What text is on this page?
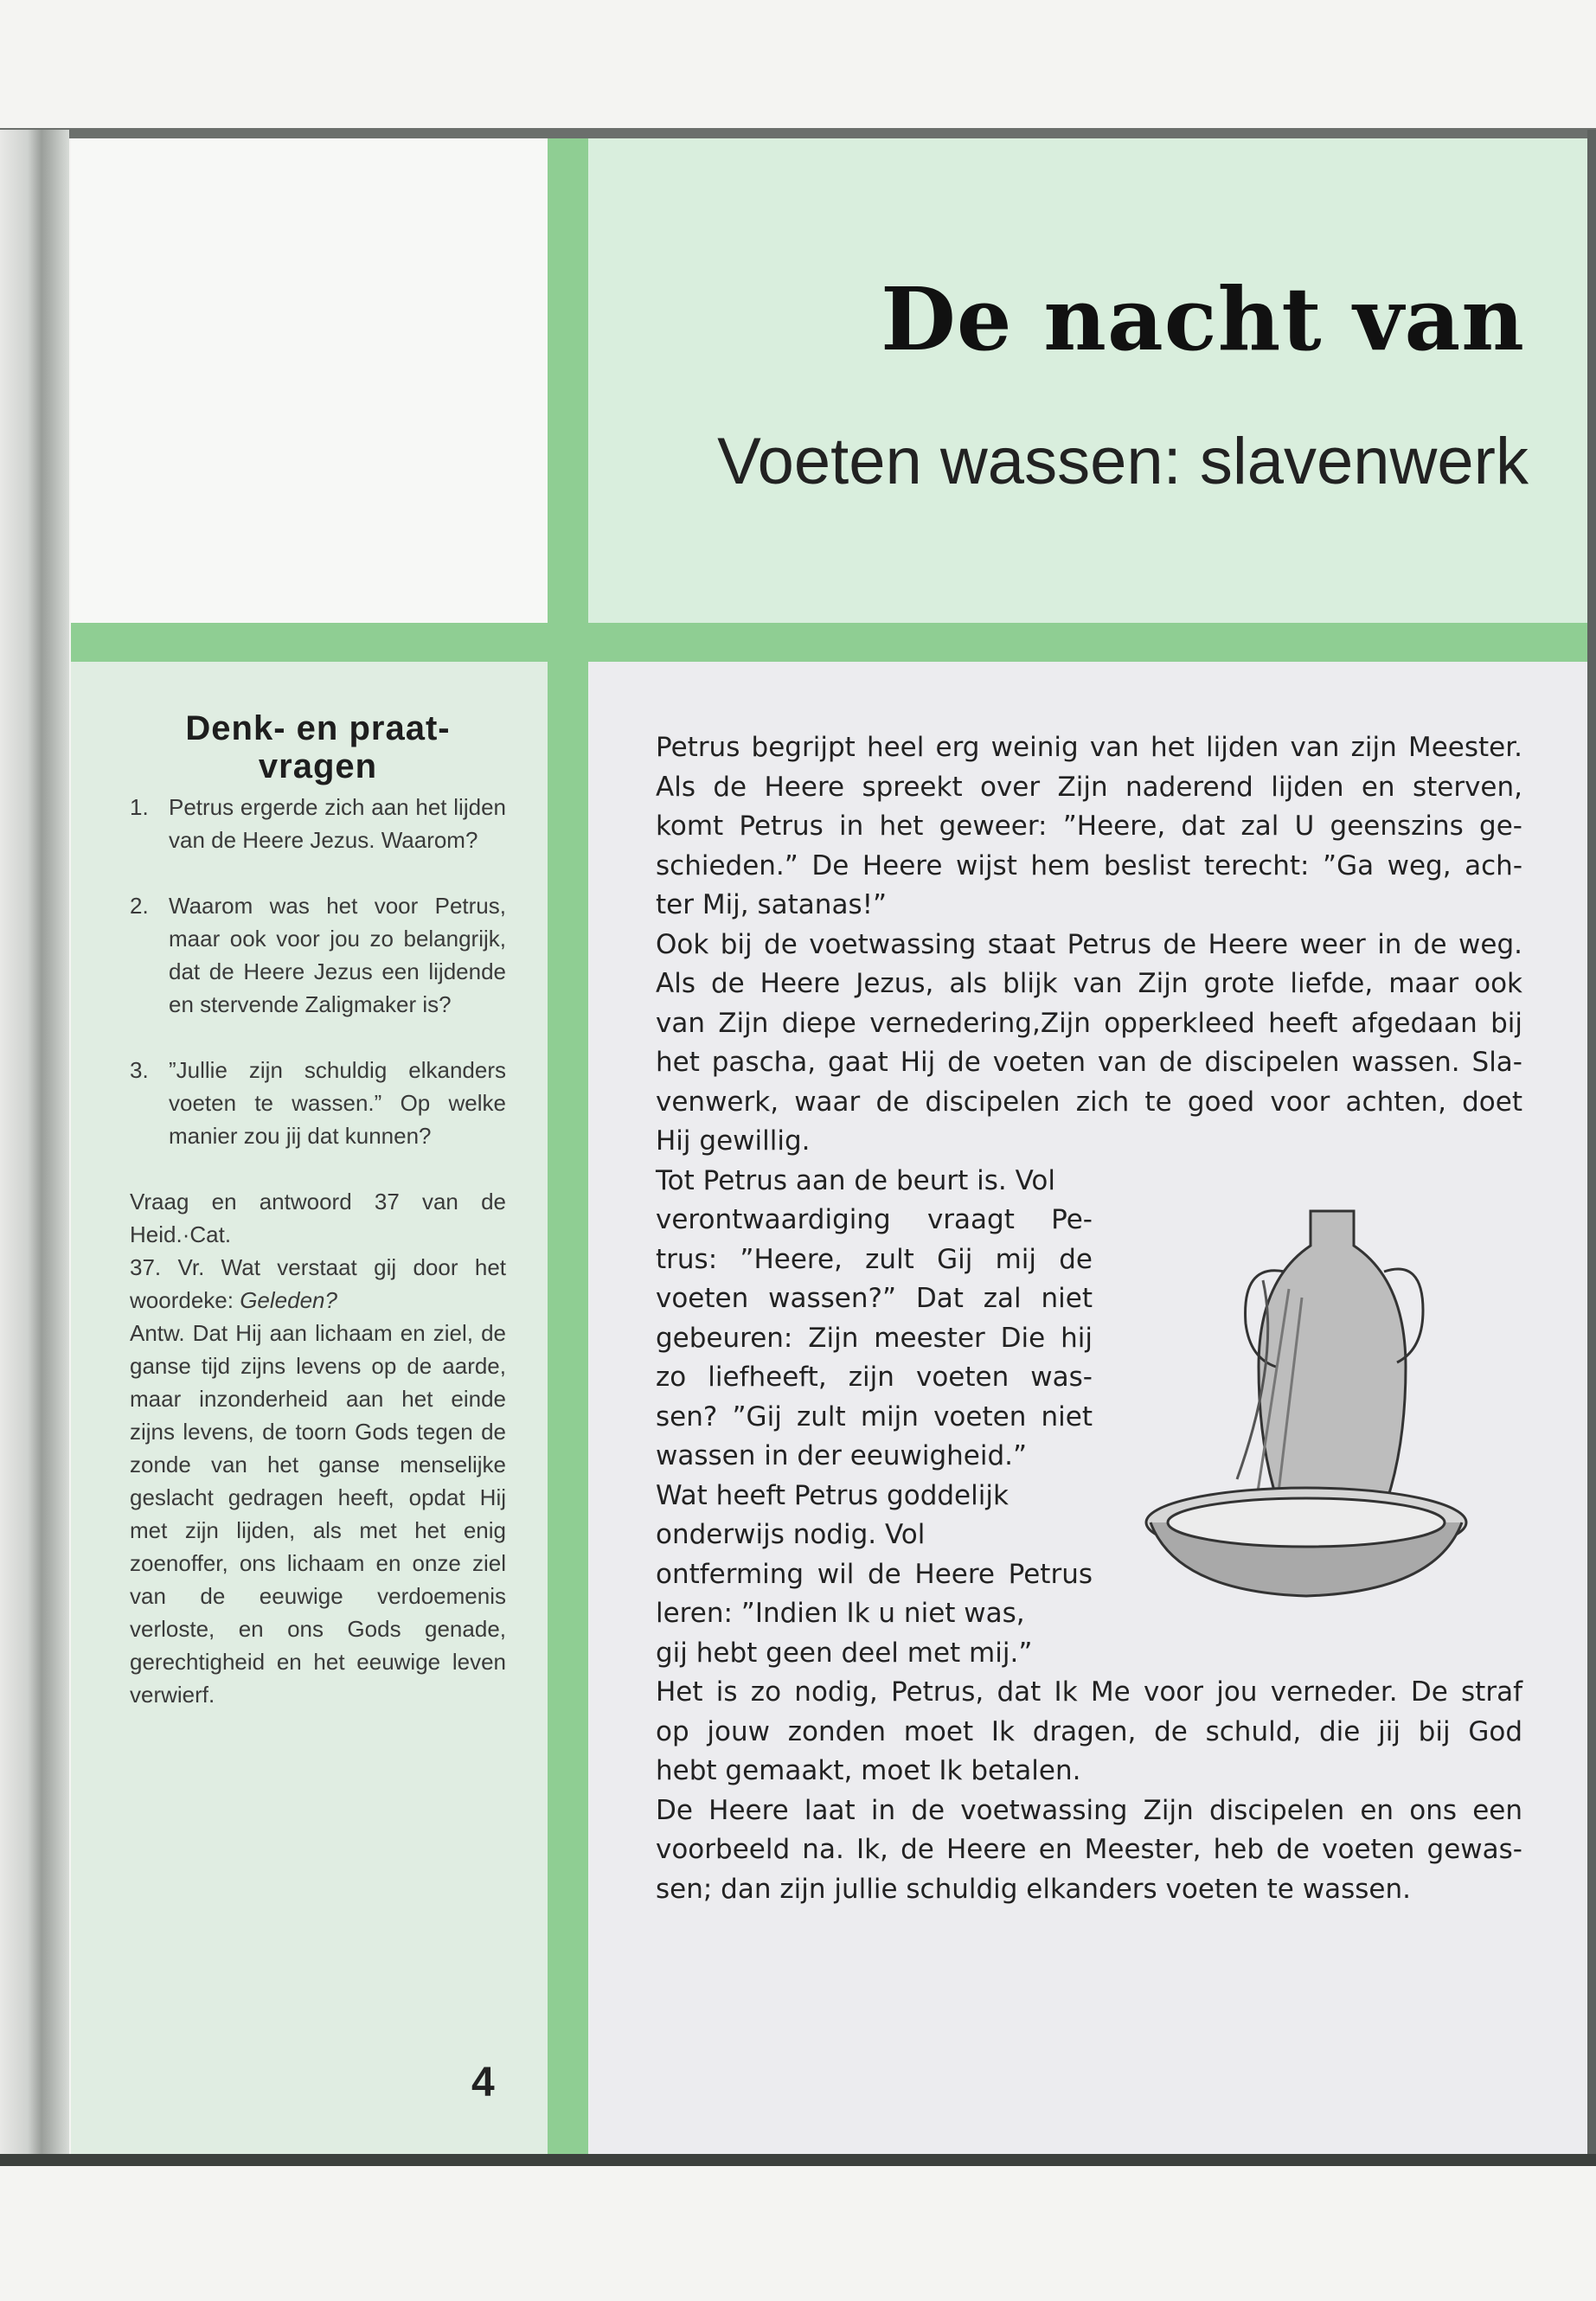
De nacht van
Voeten wassen: slavenwerk
Denk- en praat-
vragen
1. Petrus ergerde zich aan het lijden van de Heere Jezus. Waarom?
2. Waarom was het voor Petrus, maar ook voor jou zo belangrijk, dat de Heere Jezus een lijdende en stervende Zaligmaker is?
3. ”Jullie zijn schuldig elkanders voeten te wassen.” Op welke manier zou jij dat kunnen?
Vraag en antwoord 37 van de Heid.·Cat.
37. Vr. Wat verstaat gij door het woordeke: Geleden?
Antw. Dat Hij aan lichaam en ziel, de ganse tijd zijns levens op de aarde, maar inzonderheid aan het einde zijns levens, de toorn Gods tegen de zonde van het ganse menselijke geslacht gedragen heeft, opdat Hij met zijn lijden, als met het enig zoenoffer, ons lichaam en onze ziel van de eeuwige verdoemenis verloste, en ons Gods genade, gerechtigheid en het eeuwige leven verwierf.
4
Petrus begrijpt heel erg weinig van het lijden van zijn Meester.
Als de Heere spreekt over Zijn naderend lijden en sterven,
komt Petrus in het geweer: ”Heere, dat zal U geenszins ge-
schieden.” De Heere wijst hem beslist terecht: ”Ga weg, ach-
ter Mij, satanas!”
Ook bij de voetwassing staat Petrus de Heere weer in de weg.
Als de Heere Jezus, als blijk van Zijn grote liefde, maar ook
van Zijn diepe vernedering,Zijn opperkleed heeft afgedaan bij
het pascha, gaat Hij de voeten van de discipelen wassen. Sla-
venwerk, waar de discipelen zich te goed voor achten, doet
Hij gewillig.
Tot Petrus aan de beurt is. Vol
verontwaardiging vraagt Pe-
trus: ”Heere, zult Gij mij de
voeten wassen?” Dat zal niet
gebeuren: Zijn meester Die hij
zo liefheeft, zijn voeten was-
sen? ”Gij zult mijn voeten niet
wassen in der eeuwigheid.”
Wat heeft Petrus goddelijk
onderwijs nodig. Vol
ontferming wil de Heere Petrus
leren: ”Indien Ik u niet was,
gij hebt geen deel met mij.”
Het is zo nodig, Petrus, dat Ik Me voor jou verneder. De straf
op jouw zonden moet Ik dragen, de schuld, die jij bij God
hebt gemaakt, moet Ik betalen.
De Heere laat in de voetwassing Zijn discipelen en ons een
voorbeeld na. Ik, de Heere en Meester, heb de voeten gewas-
sen; dan zijn jullie schuldig elkanders voeten te wassen.
